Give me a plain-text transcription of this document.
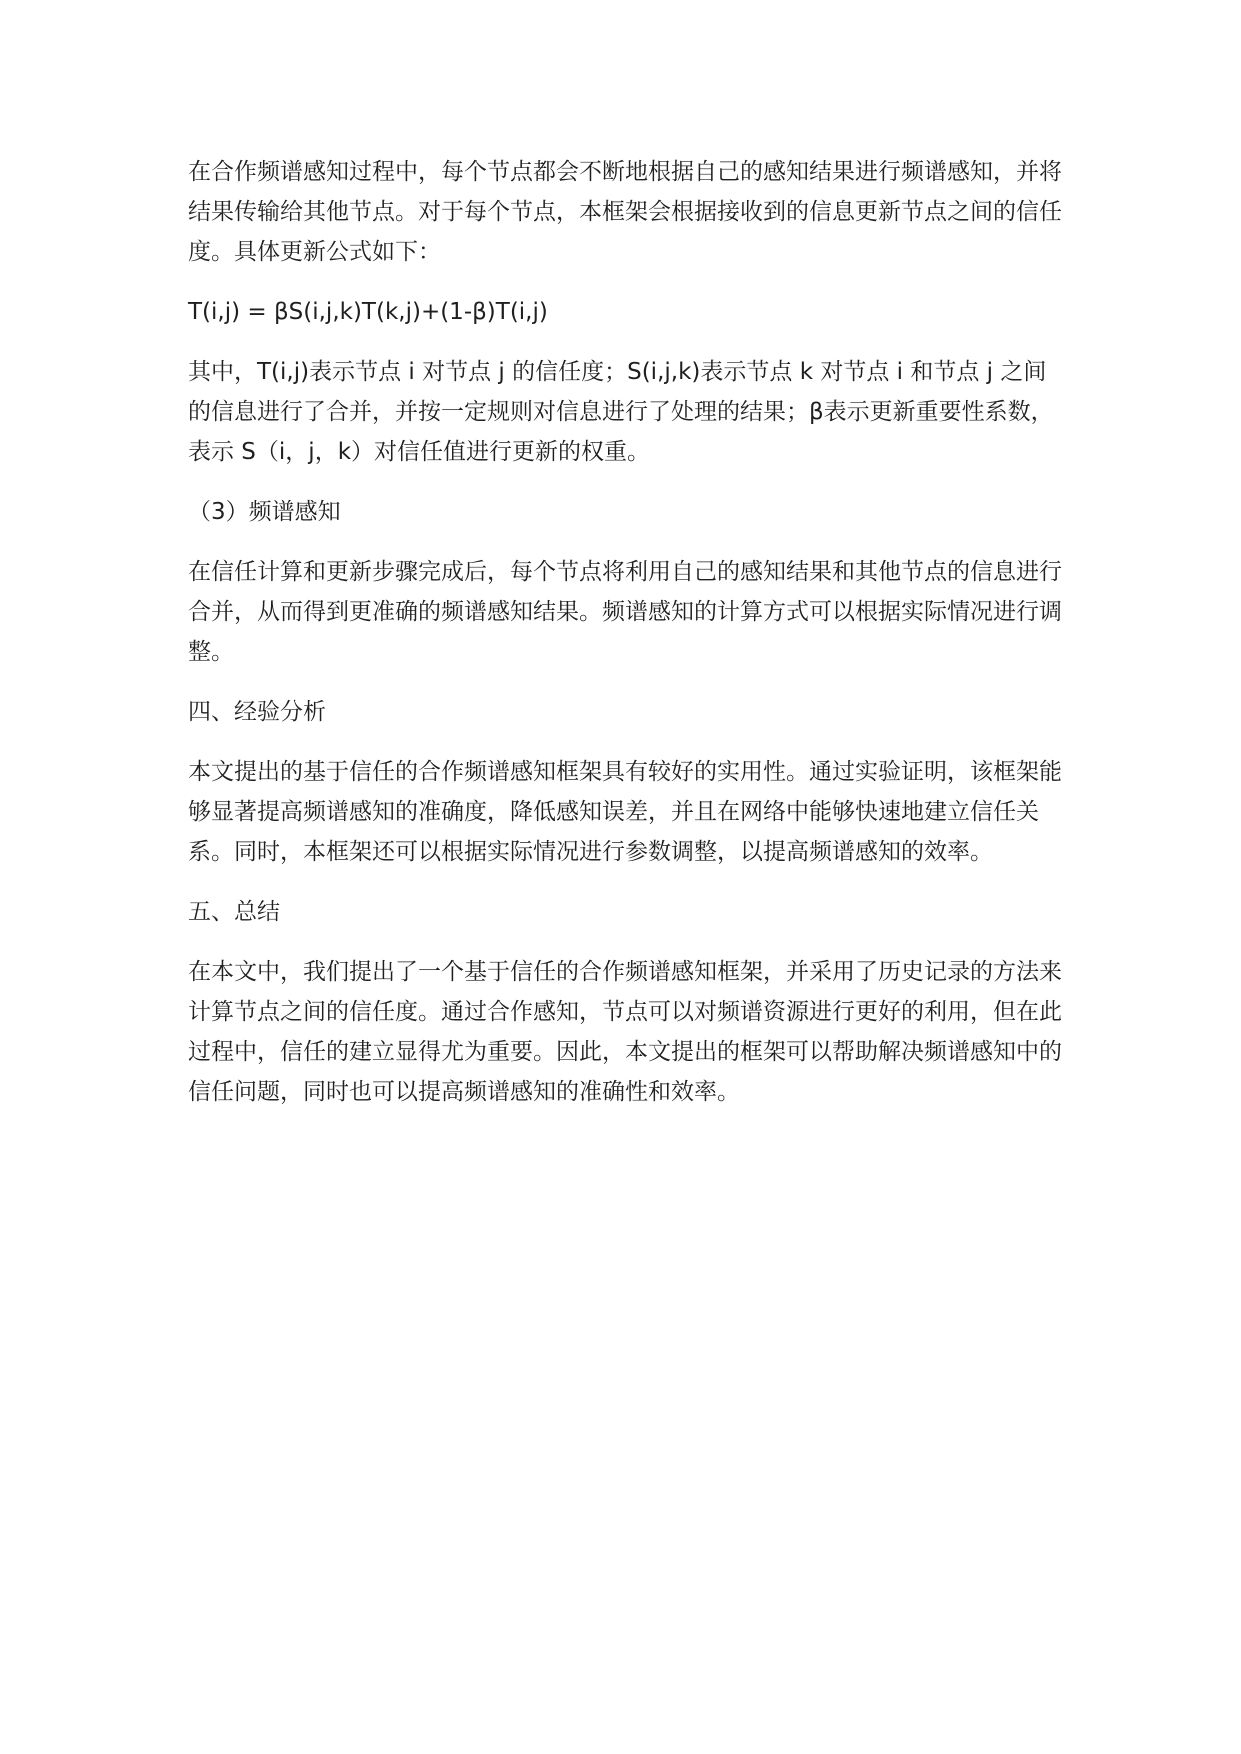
在合作频谱感知过程中，每个节点都会不断地根据自己的感知结果进行频谱感知，并将结果传输给其他节点。对于每个节点，本框架会根据接收到的信息更新节点之间的信任度。具体更新公式如下：

T(i,j) = βS(i,j,k)T(k,j)+(1-β)T(i,j)

其中，T(i,j)表示节点 i 对节点 j 的信任度；S(i,j,k)表示节点 k 对节点 i 和节点 j 之间的信息进行了合并，并按一定规则对信息进行了处理的结果；β表示更新重要性系数，表示 S（i，j，k）对信任值进行更新的权重。

（3）频谱感知

在信任计算和更新步骤完成后，每个节点将利用自己的感知结果和其他节点的信息进行合并，从而得到更准确的频谱感知结果。频谱感知的计算方式可以根据实际情况进行调整。

四、经验分析

本文提出的基于信任的合作频谱感知框架具有较好的实用性。通过实验证明，该框架能够显著提高频谱感知的准确度，降低感知误差，并且在网络中能够快速地建立信任关系。同时，本框架还可以根据实际情况进行参数调整，以提高频谱感知的效率。

五、总结

在本文中，我们提出了一个基于信任的合作频谱感知框架，并采用了历史记录的方法来计算节点之间的信任度。通过合作感知，节点可以对频谱资源进行更好的利用，但在此过程中，信任的建立显得尤为重要。因此，本文提出的框架可以帮助解决频谱感知中的信任问题，同时也可以提高频谱感知的准确性和效率。
